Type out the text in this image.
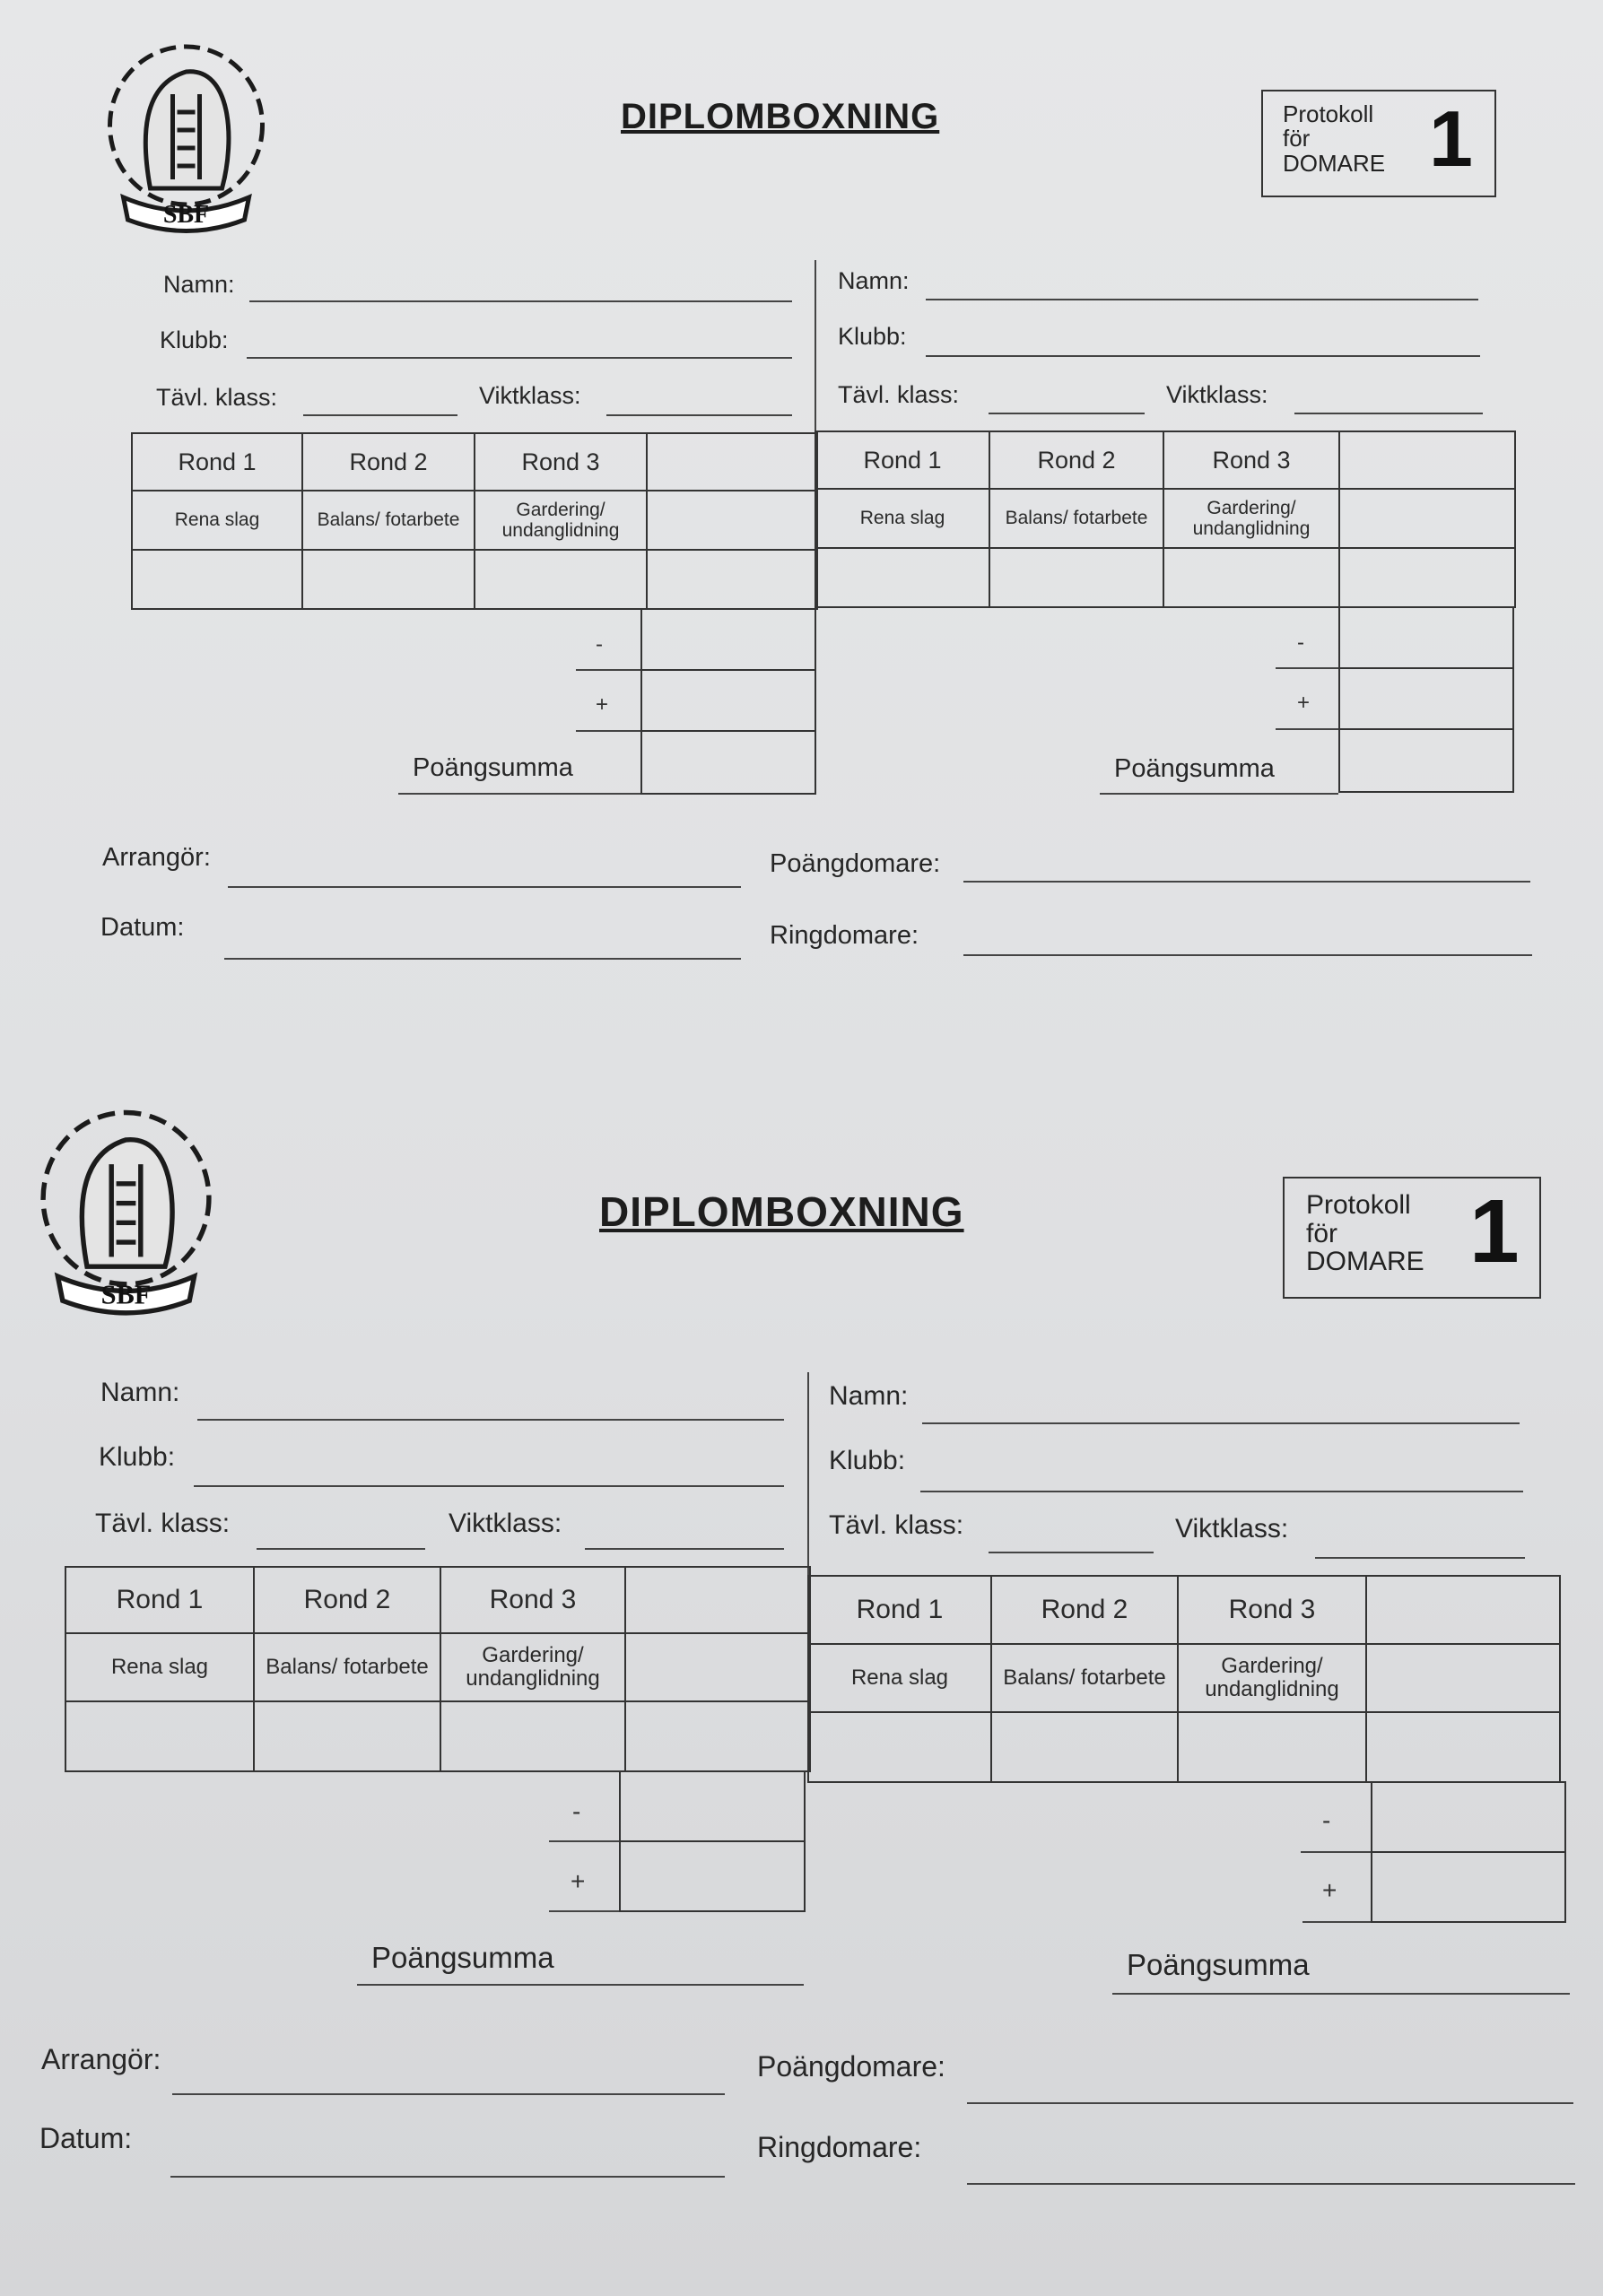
SBF
DIPLOMBOXNING	Protokoll
för
DOMARE 1
Namn:
Klubb:
Tävl. klass:	Viktklass:
Namn:
Klubb:
Tävl. klass:	Viktklass:
Rond 1	Rond 2	Rond 3	
Rena slag	Balans/ fotarbete	Gardering/ undanglidning	

-
+
Poängsumma
Rond 1	Rond 2	Rond 3	
Rena slag	Balans/ fotarbete	Gardering/ undanglidning	

-
+
Poängsumma
Arrangör:
Datum:
Poängdomare:
Ringdomare:
SBF
DIPLOMBOXNING	Protokoll
för
DOMARE 1
Namn:
Klubb:
Tävl. klass:	Viktklass:
Namn:
Klubb:
Tävl. klass:	Viktklass:
Rond 1	Rond 2	Rond 3	
Rena slag	Balans/ fotarbete	Gardering/ undanglidning	

-
+
Poängsumma
Rond 1	Rond 2	Rond 3	
Rena slag	Balans/ fotarbete	Gardering/ undanglidning	

-
+
Poängsumma
Arrangör:
Datum:
Poängdomare:
Ringdomare:
